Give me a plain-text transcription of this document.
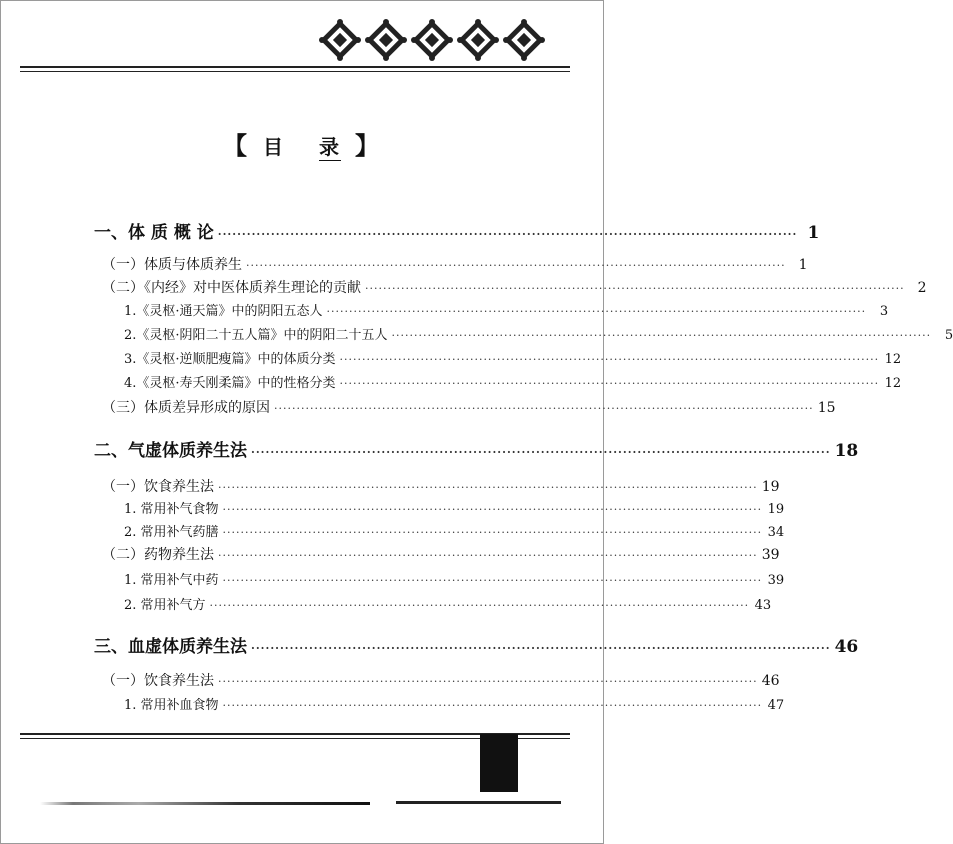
【 目 录 】
一、体 质 概 论 ························································································································ 1
（一）体质与体质养生 ························································································································ 1
（二）《内经》对中医体质养生理论的贡献 ························································································································ 2
1.《灵枢·通天篇》中的阴阳五态人 ························································································································	3
2.《灵枢·阴阳二十五人篇》中的阴阳二十五人 ························································································································	5
3.《灵枢·逆顺肥瘦篇》中的体质分类 ························································································································ 12
4.《灵枢·寿夭刚柔篇》中的性格分类 ························································································································ 12
（三）体质差异形成的原因 ························································································································ 15
二、气虚体质养生法 ························································································································ 18
（一）饮食养生法 ························································································································ 19
1. 常用补气食物 ························································································································ 19
2. 常用补气药膳 ························································································································ 34
（二）药物养生法 ························································································································ 39
1. 常用补气中药 ························································································································ 39
2. 常用补气方 ························································································································ 43
三、血虚体质养生法 ························································································································ 46
（一）饮食养生法 ························································································································ 46
1. 常用补血食物 ························································································································ 47
